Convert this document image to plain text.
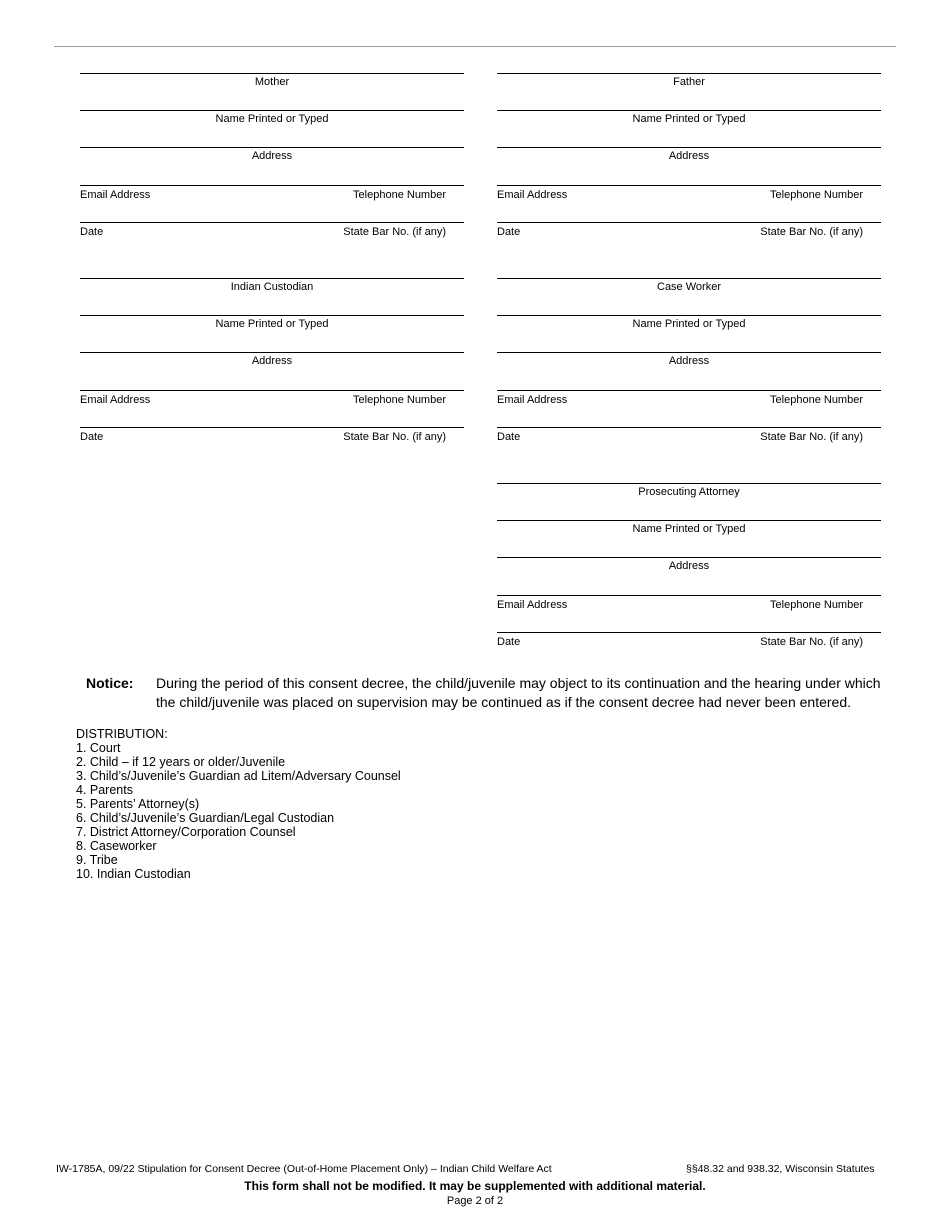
Mother
Name Printed or Typed
Address
Email Address	Telephone Number
Date	State Bar No. (if any)
Father
Name Printed or Typed
Address
Email Address	Telephone Number
Date	State Bar No. (if any)
Indian Custodian
Name Printed or Typed
Address
Email Address	Telephone Number
Date	State Bar No. (if any)
Case Worker
Name Printed or Typed
Address
Email Address	Telephone Number
Date	State Bar No. (if any)
Prosecuting Attorney
Name Printed or Typed
Address
Email Address	Telephone Number
Date	State Bar No. (if any)
Notice: During the period of this consent decree, the child/juvenile may object to its continuation and the hearing under which the child/juvenile was placed on supervision may be continued as if the consent decree had never been entered.
DISTRIBUTION:
1. Court
2. Child – if 12 years or older/Juvenile
3. Child’s/Juvenile’s Guardian ad Litem/Adversary Counsel
4. Parents
5. Parents’ Attorney(s)
6. Child’s/Juvenile’s Guardian/Legal Custodian
7. District Attorney/Corporation Counsel
8. Caseworker
9. Tribe
10. Indian Custodian
IW-1785A, 09/22 Stipulation for Consent Decree (Out-of-Home Placement Only) – Indian Child Welfare Act	§§48.32 and 938.32, Wisconsin Statutes
This form shall not be modified. It may be supplemented with additional material.
Page 2 of 2
